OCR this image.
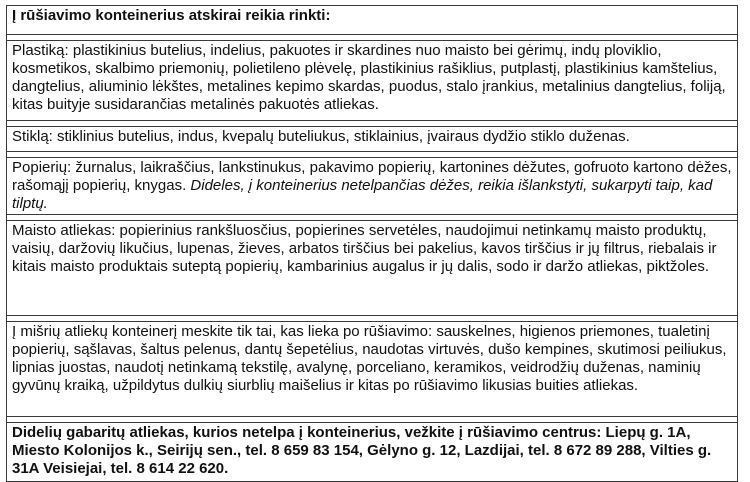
Į rūšiavimo konteinerius atskirai reikia rinkti:
Plastiką: plastikinius butelius, indelius, pakuotes ir skardines nuo maisto bei gėrimų, indų ploviklio, kosmetikos, skalbimo priemonių, polietileno plėvelę, plastikinius rašiklius, putplastį, plastikinius kamštelius, dangtelius, aliuminio lėkštes, metalines kepimo skardas, puodus, stalo įrankius, metalinius dangtelius, foliją, kitas buityje susidarančias metalinės pakuotės atliekas.
Stiklą: stiklinius butelius, indus, kvepalų buteliukus, stiklainius, įvairaus dydžio stiklo duženas.
Popierių: žurnalus, laikraščius, lankstinukus, pakavimo popierių, kartonines dėžutes, gofruoto kartono dėžes, rašomąjį popierių, knygas. Dideles, į konteinerius netelpančias dėžes, reikia išlankstyti, sukarpyti taip, kad tilptų.
Maisto atliekas: popierinius rankšluosčius, popierines servetėles, naudojimui netinkamų maisto produktų, vaisių, daržovių likučius, lupenas, žieves, arbatos tirščius bei pakelius, kavos tirščius ir jų filtrus, riebalais ir kitais maisto produktais suteptą popierių, kambarinius augalus ir jų dalis, sodo ir daržo atliekas, piktžoles.
Į mišrių atliekų konteinerį meskite tik tai, kas lieka po rūšiavimo: sauskelnes, higienos priemones, tualetinį popierių, sąšlavas, šaltus pelenus, dantų šepetėlius, naudotas virtuvės, dušo kempines, skutimosi peiliukus, lipnias juostas, naudotį netinkamą tekstilę, avalynę, porceliano, keramikos, veidrodžių duženas, naminių gyvūnų kraiką, užpildytus dulkių siurblių maišelius ir kitas po rūšiavimo likusias buities atliekas.
Didelių gabaritų atliekas, kurios netelpa į konteinerius, vežkite į rūšiavimo centrus: Liepų g. 1A, Miesto Kolonijos k., Seirijų sen., tel. 8 659 83 154, Gėlyno g. 12, Lazdijai, tel. 8 672 89 288, Vilties g. 31A Veisiejai, tel. 8 614 22 620.
